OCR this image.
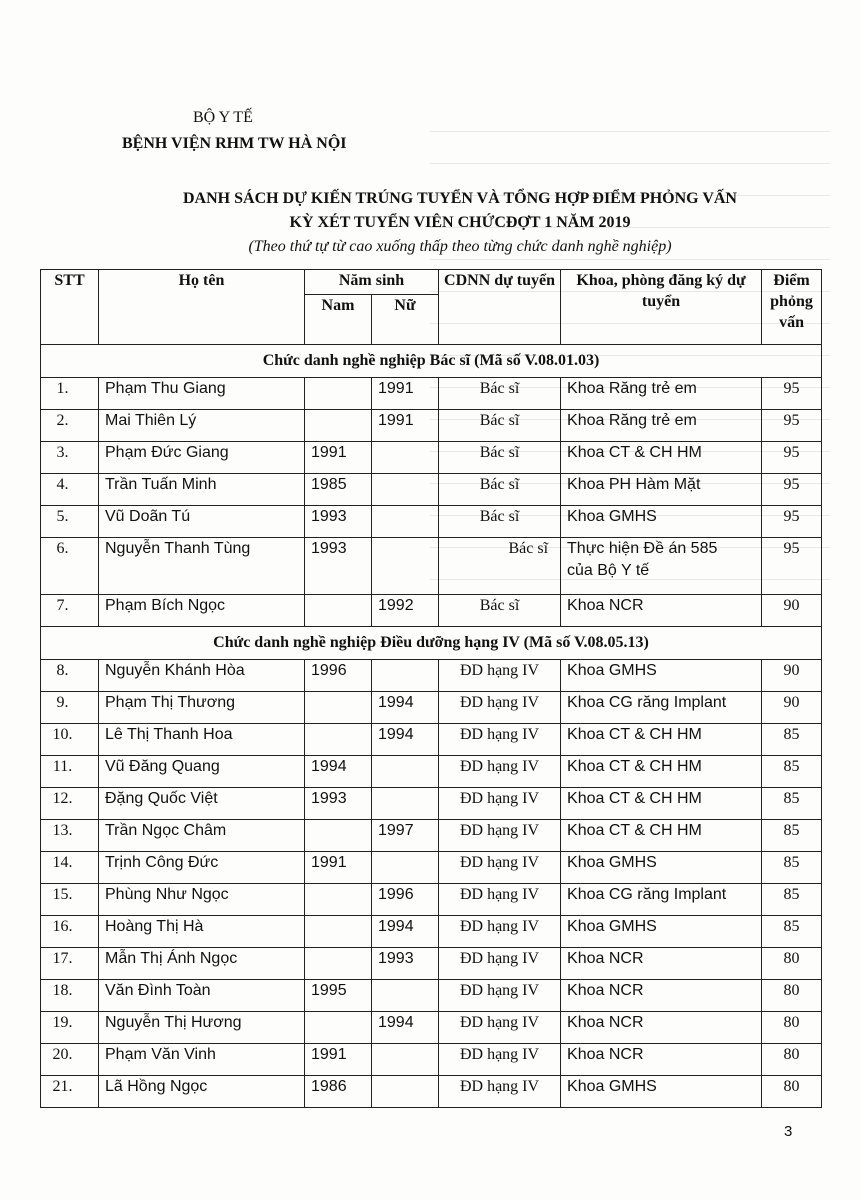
BỘ Y TẾ
BỆNH VIỆN RHM TW HÀ NỘI
DANH SÁCH DỰ KIẾN TRÚNG TUYỂN VÀ TỔNG HỢP ĐIỂM PHỎNG VẤN
KỲ XÉT TUYỂN VIÊN CHỨCĐỢT 1 NĂM 2019
(Theo thứ tự từ cao xuống thấp theo từng chức danh nghề nghiệp)
STT	Họ tên	Năm sinh		CDNN dự tuyển	Khoa, phòng đăng ký dự tuyển	Điểm phỏng vấn
		Nam	Nữ			
Chức danh nghề nghiệp Bác sĩ (Mã số V.08.01.03)						
1.	Phạm Thu Giang		1991	Bác sĩ	Khoa Răng trẻ em	95
2.	Mai Thiên Lý		1991	Bác sĩ	Khoa Răng trẻ em	95
3.	Phạm Đức Giang	1991		Bác sĩ	Khoa CT & CH HM	95
4.	Trần Tuấn Minh	1985		Bác sĩ	Khoa PH Hàm Mặt	95
5.	Vũ Doãn Tú	1993		Bác sĩ	Khoa GMHS	95
6.	Nguyễn Thanh Tùng	1993		Bác sĩ	Thực hiện Đề án 585
của Bộ Y tế	95
7.	Phạm Bích Ngọc		1992	Bác sĩ	Khoa NCR	90
Chức danh nghề nghiệp Điều dưỡng hạng IV (Mã số V.08.05.13)						
8.	Nguyễn Khánh Hòa	1996		ĐD hạng IV	Khoa GMHS	90
9.	Phạm Thị Thương		1994	ĐD hạng IV	Khoa CG răng Implant	90
10.	Lê Thị Thanh Hoa		1994	ĐD hạng IV	Khoa CT & CH HM	85
11.	Vũ Đăng Quang	1994		ĐD hạng IV	Khoa CT & CH HM	85
12.	Đặng Quốc Việt	1993		ĐD hạng IV	Khoa CT & CH HM	85
13.	Trần Ngọc Châm		1997	ĐD hạng IV	Khoa CT & CH HM	85
14.	Trịnh Công Đức	1991		ĐD hạng IV	Khoa GMHS	85
15.	Phùng Như Ngọc		1996	ĐD hạng IV	Khoa CG răng Implant	85
16.	Hoàng Thị Hà		1994	ĐD hạng IV	Khoa GMHS	85
17.	Mẫn Thị Ánh Ngọc		1993	ĐD hạng IV	Khoa NCR	80
18.	Văn Đình Toàn	1995		ĐD hạng IV	Khoa NCR	80
19.	Nguyễn Thị Hương		1994	ĐD hạng IV	Khoa NCR	80
20.	Phạm Văn Vinh	1991		ĐD hạng IV	Khoa NCR	80
21.	Lã Hồng Ngọc	1986		ĐD hạng IV	Khoa GMHS	80
3
